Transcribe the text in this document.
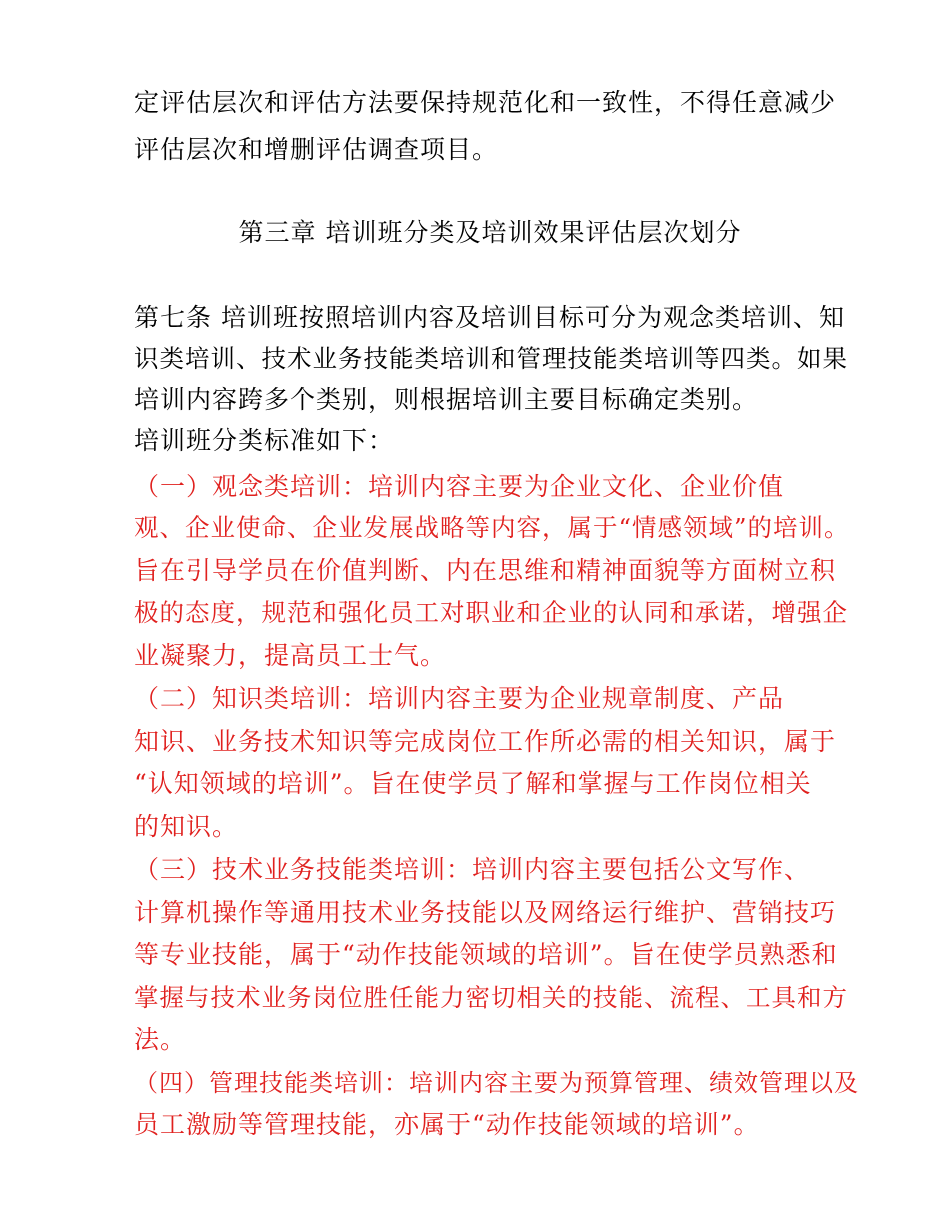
定评估层次和评估方法要保持规范化和一致性，不得任意减少
评估层次和增删评估调查项目。
第三章 培训班分类及培训效果评估层次划分
第七条 培训班按照培训内容及培训目标可分为观念类培训、知
识类培训、技术业务技能类培训和管理技能类培训等四类。如果
培训内容跨多个类别，则根据培训主要目标确定类别。
培训班分类标准如下：
（一）观念类培训：培训内容主要为企业文化、企业价值
观、企业使命、企业发展战略等内容，属于“情感领域”的培训。
旨在引导学员在价值判断、内在思维和精神面貌等方面树立积
极的态度，规范和强化员工对职业和企业的认同和承诺，增强企
业凝聚力，提高员工士气。
（二）知识类培训：培训内容主要为企业规章制度、产品
知识、业务技术知识等完成岗位工作所必需的相关知识，属于
“认知领域的培训”。旨在使学员了解和掌握与工作岗位相关
的知识。
（三）技术业务技能类培训：培训内容主要包括公文写作、
计算机操作等通用技术业务技能以及网络运行维护、营销技巧
等专业技能，属于“动作技能领域的培训”。旨在使学员熟悉和
掌握与技术业务岗位胜任能力密切相关的技能、流程、工具和方
法。
（四）管理技能类培训：培训内容主要为预算管理、绩效管理以及
员工激励等管理技能，亦属于“动作技能领域的培训”。
